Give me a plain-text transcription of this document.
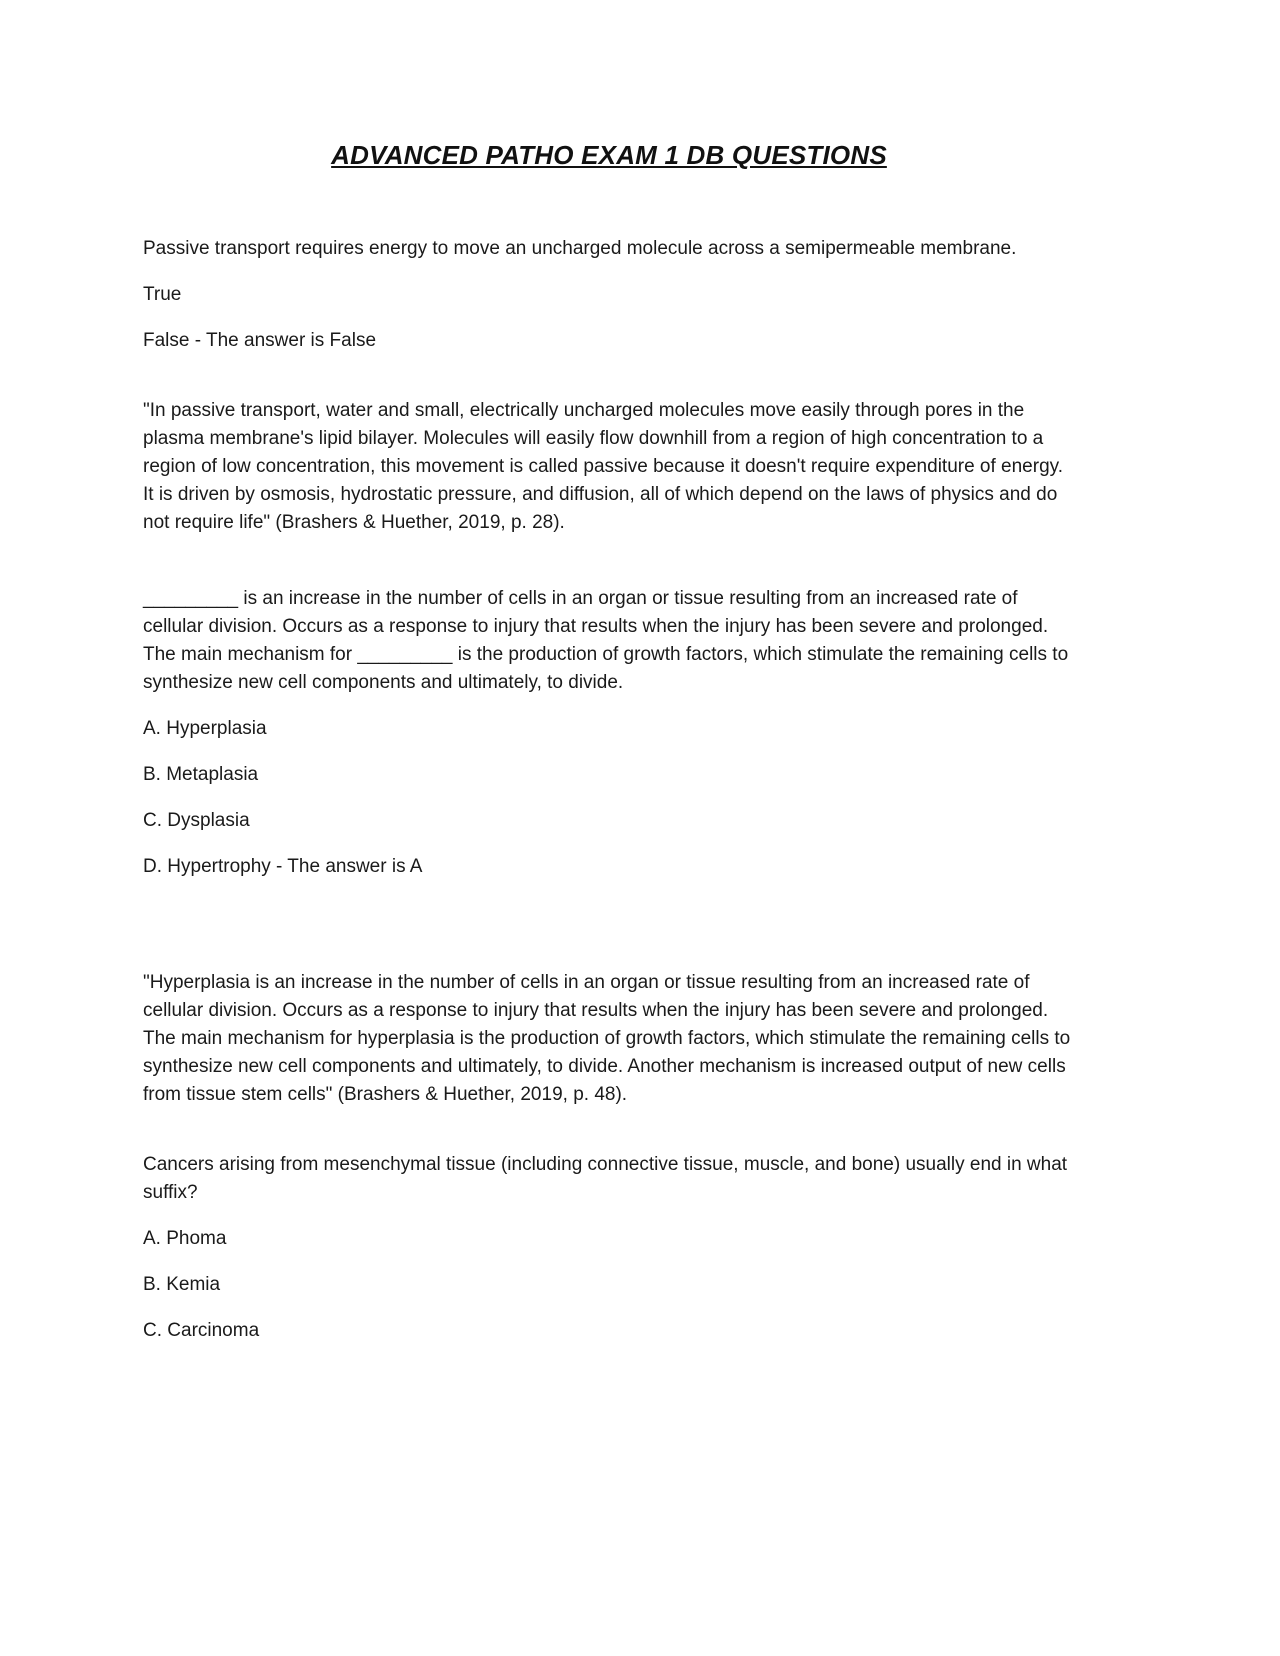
ADVANCED PATHO EXAM 1 DB QUESTIONS

Passive transport requires energy to move an uncharged molecule across a semipermeable membrane.

True

False - The answer is False

"In passive transport, water and small, electrically uncharged molecules move easily through pores in the plasma membrane's lipid bilayer. Molecules will easily flow downhill from a region of high concentration to a region of low concentration, this movement is called passive because it doesn't require expenditure of energy. It is driven by osmosis, hydrostatic pressure, and diffusion, all of which depend on the laws of physics and do not require life" (Brashers & Huether, 2019, p. 28).

_________ is an increase in the number of cells in an organ or tissue resulting from an increased rate of cellular division. Occurs as a response to injury that results when the injury has been severe and prolonged. The main mechanism for _________ is the production of growth factors, which stimulate the remaining cells to synthesize new cell components and ultimately, to divide.

A. Hyperplasia

B. Metaplasia

C. Dysplasia

D. Hypertrophy - The answer is A

"Hyperplasia is an increase in the number of cells in an organ or tissue resulting from an increased rate of cellular division. Occurs as a response to injury that results when the injury has been severe and prolonged. The main mechanism for hyperplasia is the production of growth factors, which stimulate the remaining cells to synthesize new cell components and ultimately, to divide. Another mechanism is increased output of new cells from tissue stem cells" (Brashers & Huether, 2019, p. 48).

Cancers arising from mesenchymal tissue (including connective tissue, muscle, and bone) usually end in what suffix?

A. Phoma

B. Kemia

C. Carcinoma
